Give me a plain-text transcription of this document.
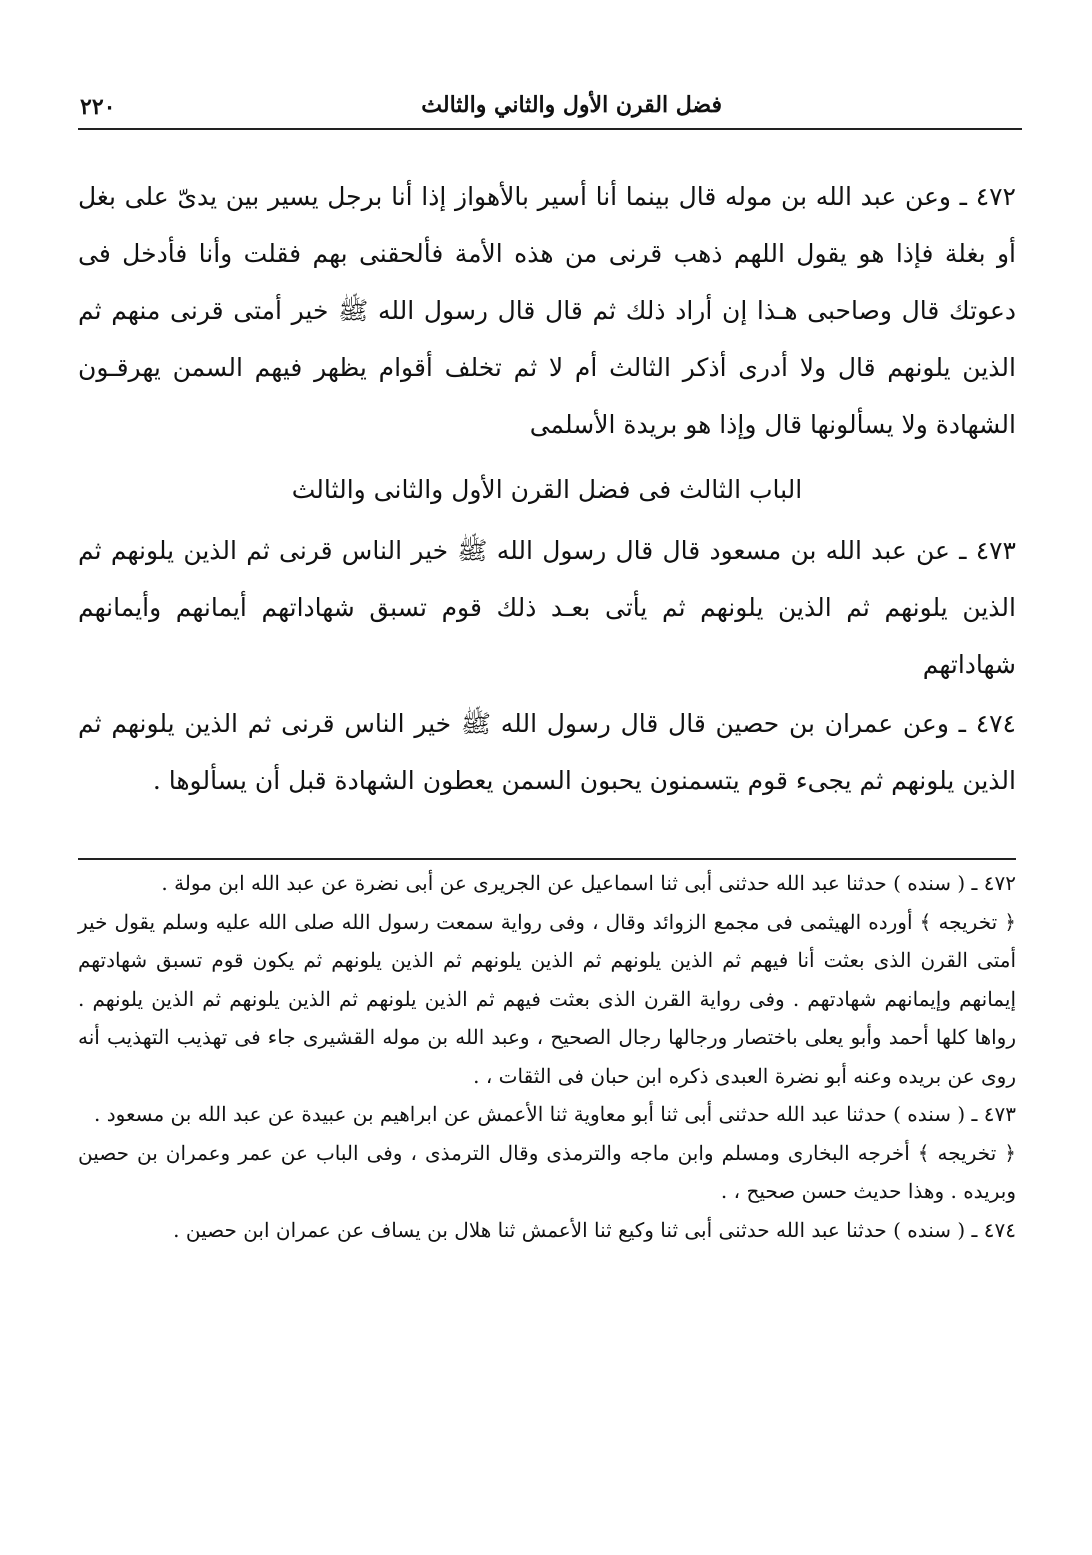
فضل القرن الأول والثاني والثالث
٢٢٠

٤٧٢ ـ وعن عبد الله بن موله قال بينما أنا أسير بالأهواز إذا أنا برجل يسير بين يدىّ على بغل أو بغلة فإذا هو يقول اللهم ذهب قرنى من هذه الأمة فألحقنى بهم فقلت وأنا فأدخل فى دعوتك قال وصاحبى هـذا إن أراد ذلك ثم قال قال رسول الله ﷺ خير أمتى قرنى منهم ثم الذين يلونهم قال ولا أدرى أذكر الثالث أم لا ثم تخلف أقوام يظهر فيهم السمن يهرقـون الشهادة ولا يسألونها قال وإذا هو بريدة الأسلمى

الباب الثالث فى فضل القرن الأول والثانى والثالث

٤٧٣ ـ عن عبد الله بن مسعود قال قال رسول الله ﷺ خير الناس قرنى ثم الذين يلونهم ثم الذين يلونهم ثم الذين يلونهم ثم يأتى بعـد ذلك قوم تسبق شهاداتهم أيمانهم وأيمانهم شهاداتهم

٤٧٤ ـ وعن عمران بن حصين قال قال رسول الله ﷺ خير الناس قرنى ثم الذين يلونهم ثم الذين يلونهم ثم يجىء قوم يتسمنون يحبون السمن يعطون الشهادة قبل أن يسألوها .

٤٧٢ ـ ( سنده ) حدثنا عبد الله حدثنى أبى ثنا اسماعيل عن الجريرى عن أبى نضرة عن عبد الله ابن مولة .

﴿ تخريجه ﴾ أورده الهيثمى فى مجمع الزوائد وقال ، وفى رواية سمعت رسول الله صلى الله عليه وسلم يقول خير أمتى القرن الذى بعثت أنا فيهم ثم الذين يلونهم ثم الذين يلونهم ثم الذين يلونهم ثم يكون قوم تسبق شهادتهم إيمانهم وإيمانهم شهادتهم . وفى رواية القرن الذى بعثت فيهم ثم الذين يلونهم ثم الذين يلونهم ثم الذين يلونهم . رواها كلها أحمد وأبو يعلى باختصار ورجالها رجال الصحيح ، وعبد الله بن موله القشيرى جاء فى تهذيب التهذيب أنه روى عن بريده وعنه أبو نضرة العبدى ذكره ابن حبان فى الثقات ، .

٤٧٣ ـ ( سنده ) حدثنا عبد الله حدثنى أبى ثنا أبو معاوية ثنا الأعمش عن ابراهيم بن عبيدة عن عبد الله بن مسعود .

﴿ تخريجه ﴾ أخرجه البخارى ومسلم وابن ماجه والترمذى وقال الترمذى ، وفى الباب عن عمر وعمران بن حصين وبريده . وهذا حديث حسن صحيح ، .

٤٧٤ ـ ( سنده ) حدثنا عبد الله حدثنى أبى ثنا وكيع ثنا الأعمش ثنا هلال بن يساف عن عمران ابن حصين .
